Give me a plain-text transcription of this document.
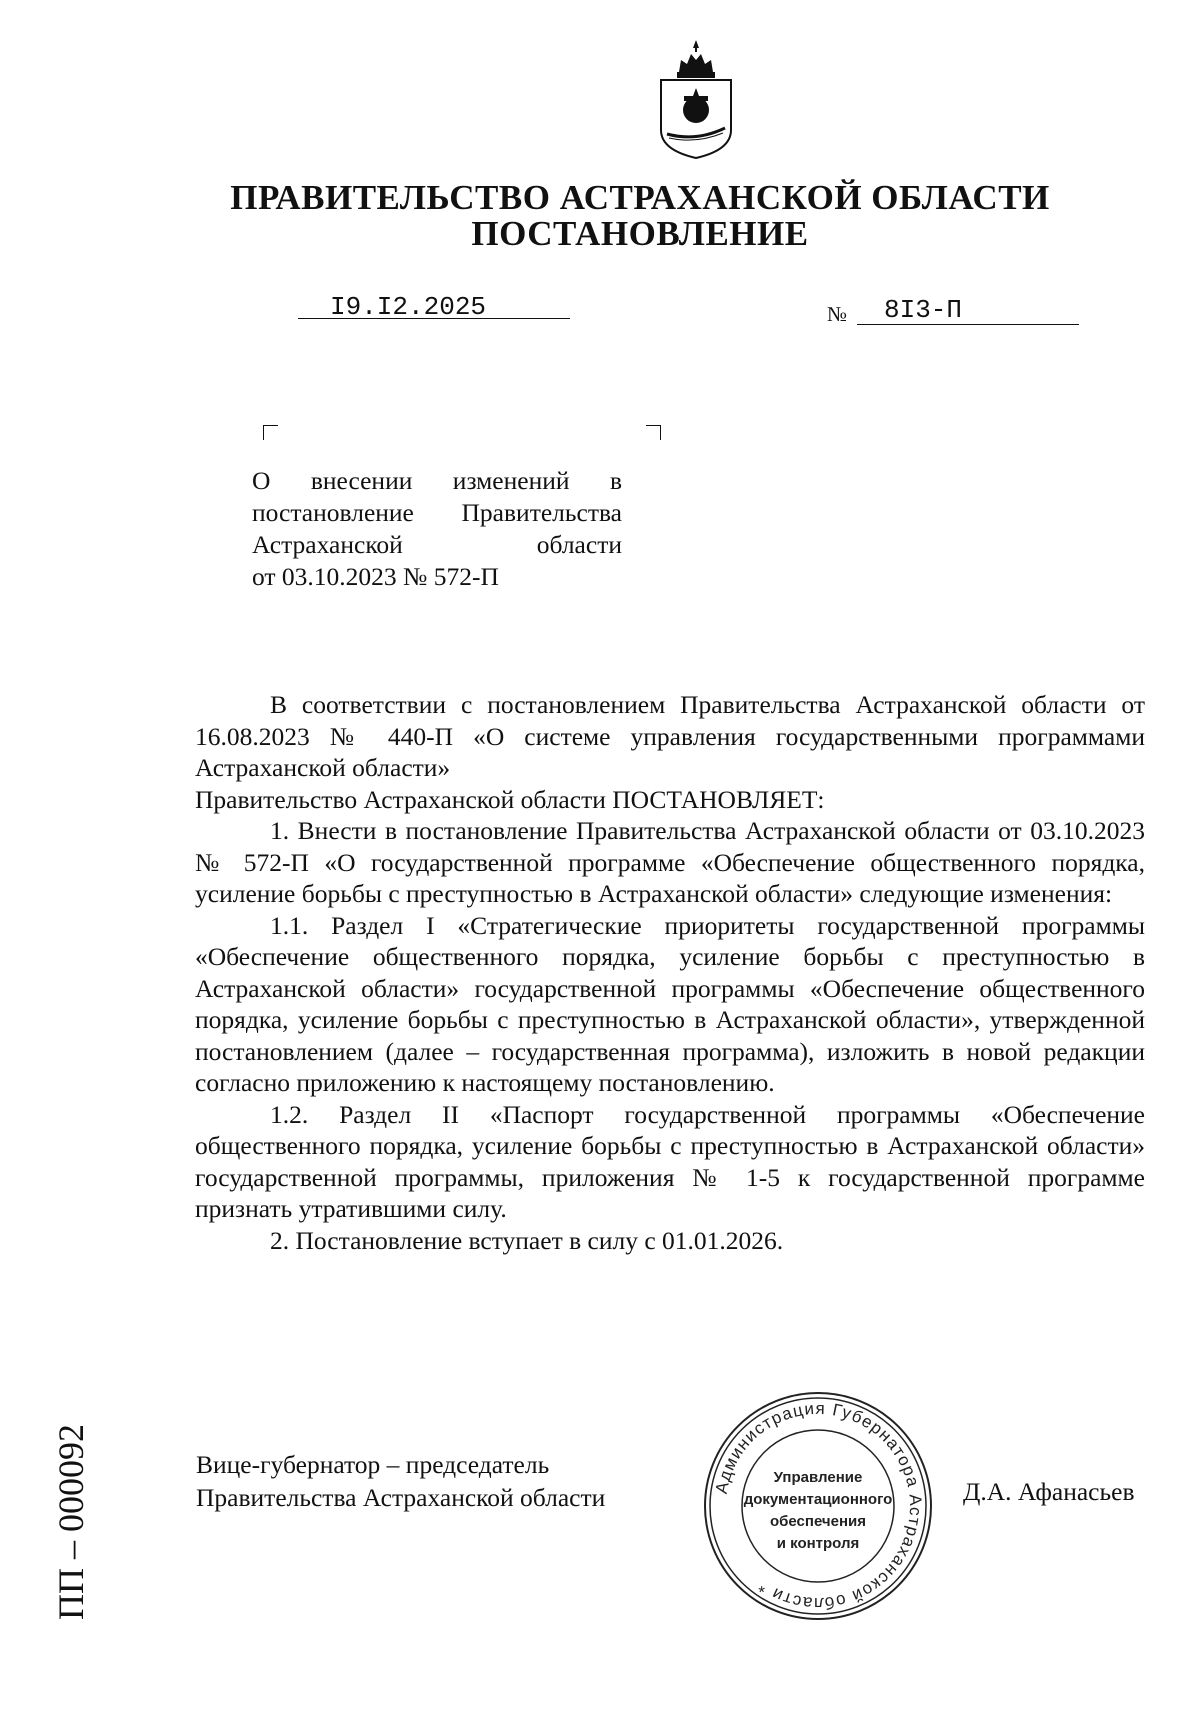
ПРАВИТЕЛЬСТВО АСТРАХАНСКОЙ ОБЛАСТИ
ПОСТАНОВЛЕНИЕ
I9.I2.2025	№ 8I3-П
О внесении изменений в
постановление Правительства
Астраханской области
от 03.10.2023 № 572-П

В соответствии с постановлением Правительства Астраханской области от 16.08.2023 № 440-П «О системе управления государственными программами Астраханской области»

Правительство Астраханской области ПОСТАНОВЛЯЕТ:

1. Внести в постановление Правительства Астраханской области от 03.10.2023 № 572-П «О государственной программе «Обеспечение общественного порядка, усиление борьбы с преступностью в Астраханской области» следующие изменения:

1.1. Раздел I «Стратегические приоритеты государственной программы «Обеспечение общественного порядка, усиление борьбы с преступностью в Астраханской области» государственной программы «Обеспечение общественного порядка, усиление борьбы с преступностью в Астраханской области», утвержденной постановлением (далее – государственная программа), изложить в новой редакции согласно приложению к настоящему постановлению.

1.2. Раздел II «Паспорт государственной программы «Обеспечение общественного порядка, усиление борьбы с преступностью в Астраханской области» государственной программы, приложения № 1-5 к государственной программе признать утратившими силу.

2. Постановление вступает в силу с 01.01.2026.

ПП – 000092	Вице-губернатор – председатель
Правительства Астраханской области	Д.А. Афанасьев
Администрация Губернатора Астраханской области *
Управление
документационного
обеспечения
и контроля
